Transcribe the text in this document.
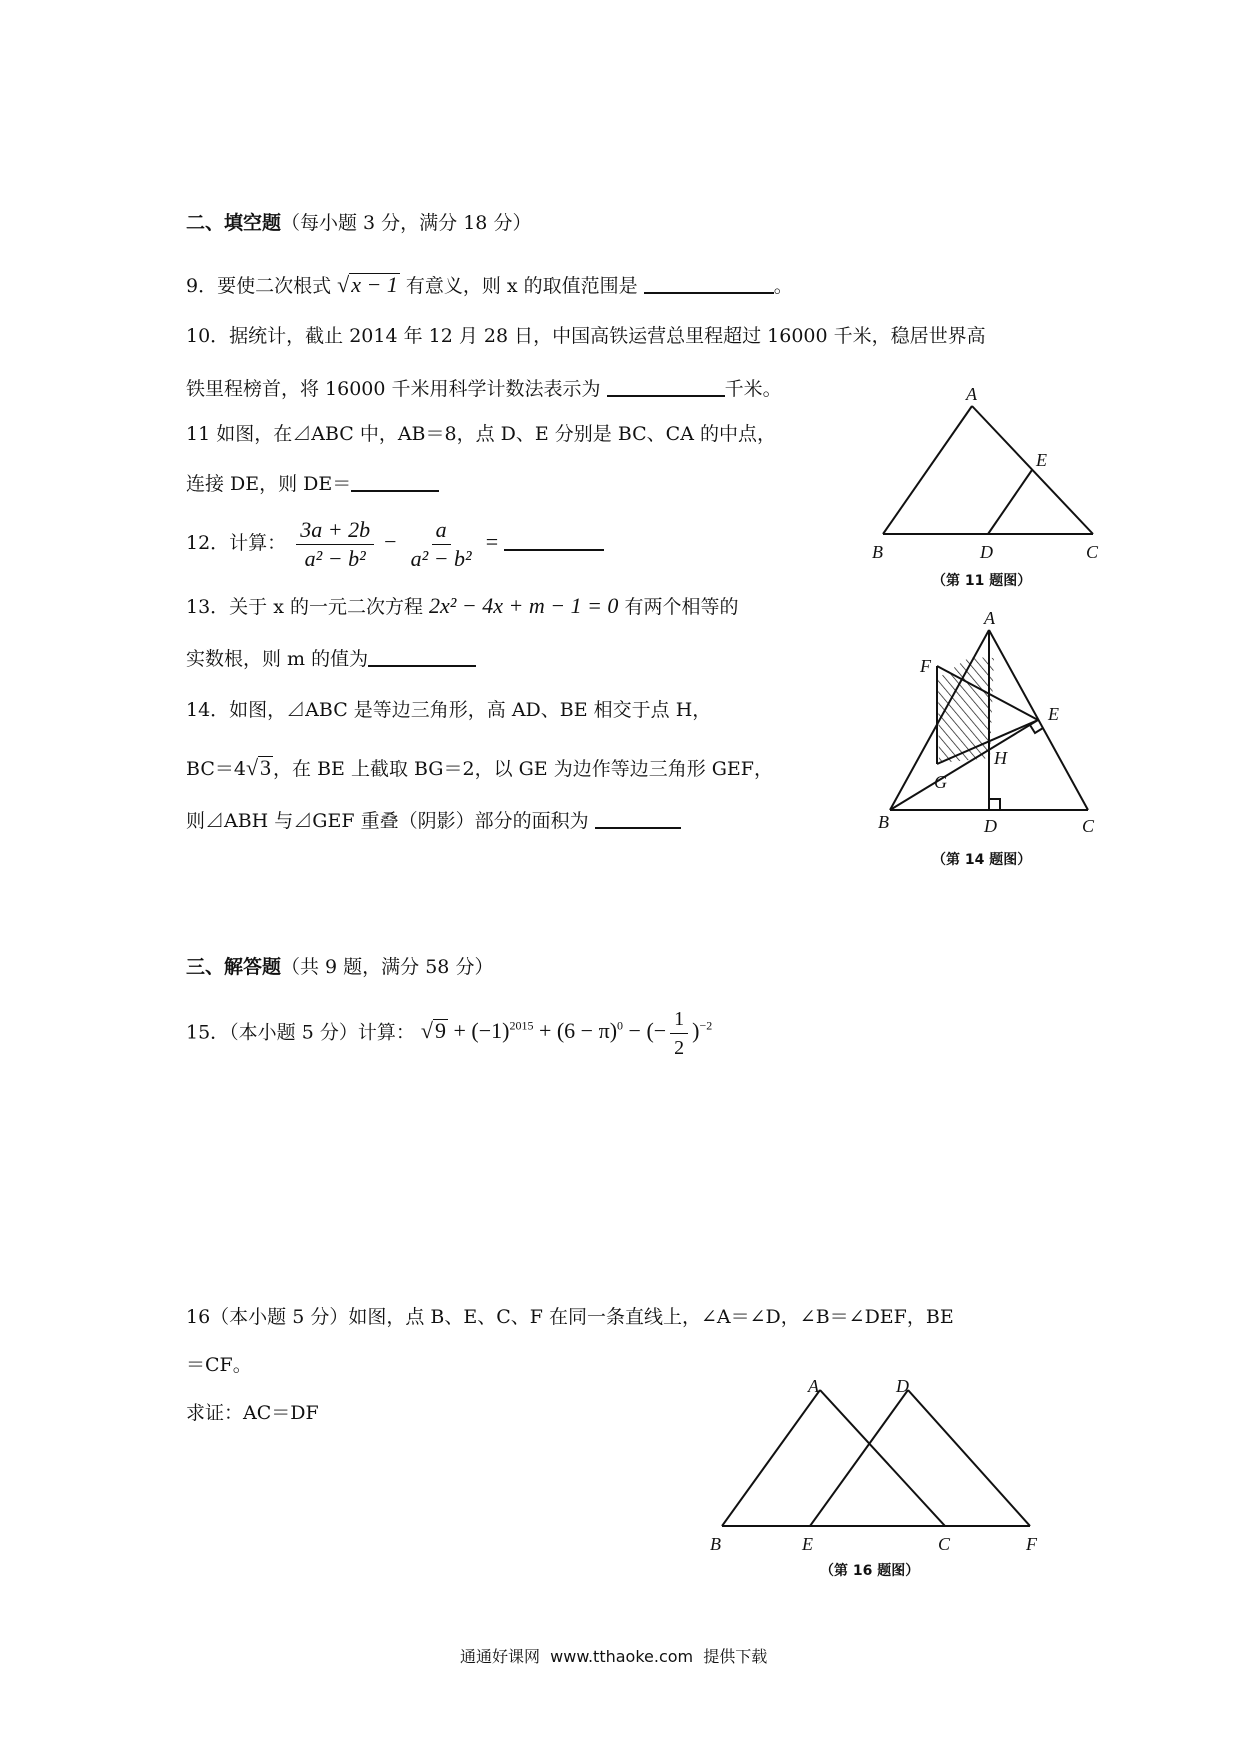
二、填空题（每小题 3 分，满分 18 分）
9．要使二次根式 √x − 1 有意义，则 x 的取值范围是	。
10．据统计，截止 2014 年 12 月 28 日，中国高铁运营总里程超过 16000 千米，稳居世界高
铁里程榜首，将 16000 千米用科学计数法表示为	千米。
11 如图，在⊿ABC 中，AB＝8，点 D、E 分别是 BC、CA 的中点，
连接 DE，则 DE＝
12．计算： $\frac{3a + 2b}{\text{a² − b²}} - \frac{a}{\text{a² − b²}}$ =
13．关于 x 的一元二次方程 2x² − 4x + m − 1 = 0 有两个相等的
实数根，则 m 的值为
14．如图，⊿ABC 是等边三角形，高 AD、BE 相交于点 H，
BC＝4√3 ，在 BE 上截取 BG＝2，以 GE 为边作等边三角形 GEF，
则⊿ABH 与⊿GEF 重叠（阴影）部分的面积为
A
B	D	C
E
（第 11 题图）
A
F
E
H
G
B	D	C
（第 14 题图）
三、解答题（共 9 题，满分 58 分）
15．（本小题 5 分）计算： $√9 + (-1)^{2015} + (6 - \pi)^0$ − (− $\frac{1}{2} )^{-2}$
16（本小题 5 分）如图，点 B、E、C、F 在同一条直线上，∠A＝∠D，∠B＝∠DEF，BE
＝CF。
求证：AC＝DF
A	D
B	E	C	F
（第 16 题图）
通通好课网  www.tthaoke.com  提供下载
